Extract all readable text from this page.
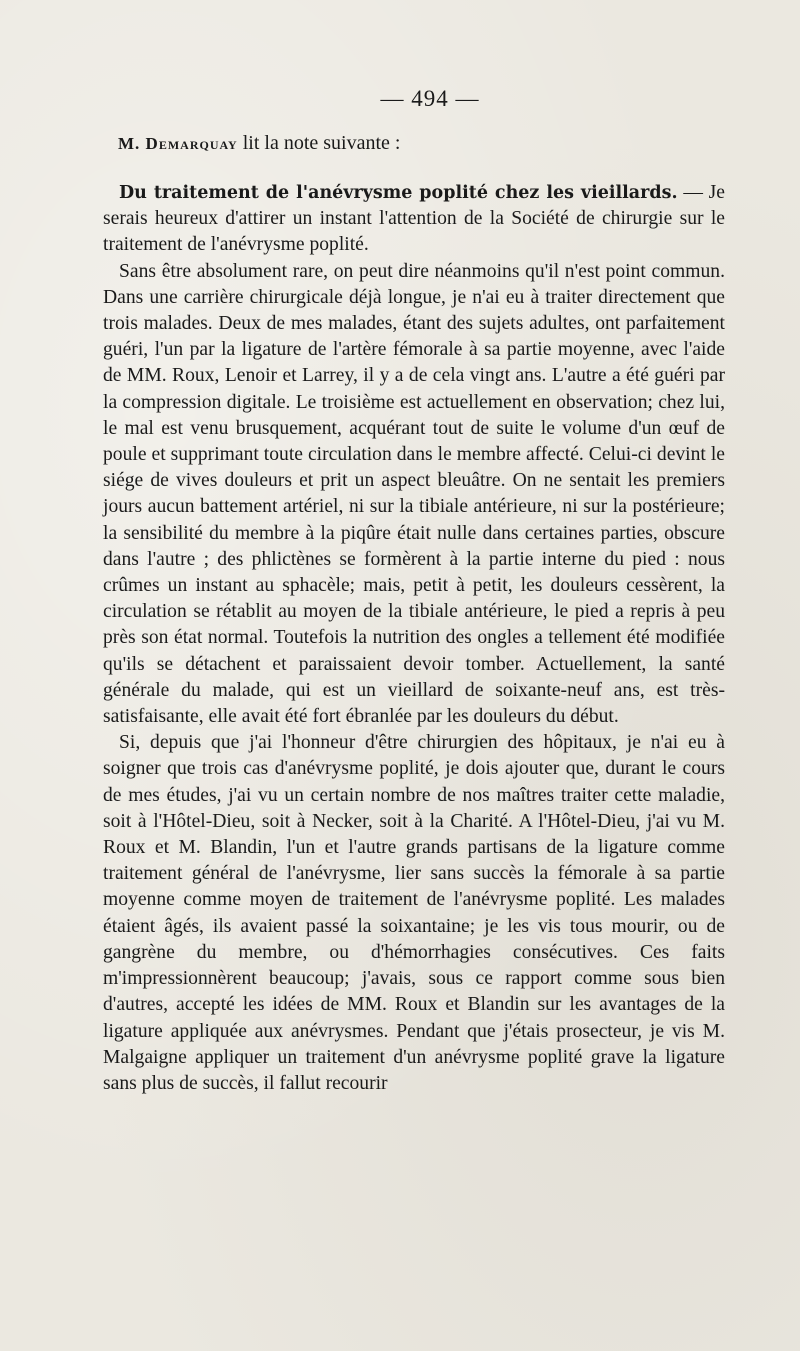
— 494 —
M. Demarquay lit la note suivante :

Du traitement de l'anévrysme poplité chez les vieillards. — Je serais heureux d'attirer un instant l'attention de la Société de chirurgie sur le traitement de l'anévrysme poplité.

Sans être absolument rare, on peut dire néanmoins qu'il n'est point commun. Dans une carrière chirurgicale déjà longue, je n'ai eu à traiter directement que trois malades. Deux de mes malades, étant des sujets adultes, ont parfaitement guéri, l'un par la ligature de l'artère fémorale à sa partie moyenne, avec l'aide de MM. Roux, Lenoir et Larrey, il y a de cela vingt ans. L'autre a été guéri par la compression digitale. Le troisième est actuellement en observation; chez lui, le mal est venu brusquement, acquérant tout de suite le volume d'un œuf de poule et supprimant toute circulation dans le membre affecté. Celui-ci devint le siége de vives douleurs et prit un aspect bleuâtre. On ne sentait les premiers jours aucun battement artériel, ni sur la tibiale antérieure, ni sur la postérieure; la sensibilité du membre à la piqûre était nulle dans certaines parties, obscure dans l'autre ; des phlictènes se formèrent à la partie interne du pied : nous crûmes un instant au sphacèle; mais, petit à petit, les douleurs cessèrent, la circulation se rétablit au moyen de la tibiale antérieure, le pied a repris à peu près son état normal. Toutefois la nutrition des ongles a tellement été modifiée qu'ils se détachent et paraissaient devoir tomber. Actuellement, la santé générale du malade, qui est un vieillard de soixante-neuf ans, est très-satisfaisante, elle avait été fort ébranlée par les douleurs du début.

Si, depuis que j'ai l'honneur d'être chirurgien des hôpitaux, je n'ai eu à soigner que trois cas d'anévrysme poplité, je dois ajouter que, durant le cours de mes études, j'ai vu un certain nombre de nos maîtres traiter cette maladie, soit à l'Hôtel-Dieu, soit à Necker, soit à la Charité. A l'Hôtel-Dieu, j'ai vu M. Roux et M. Blandin, l'un et l'autre grands partisans de la ligature comme traitement général de l'anévrysme, lier sans succès la fémorale à sa partie moyenne comme moyen de traitement de l'anévrysme poplité. Les malades étaient âgés, ils avaient passé la soixantaine; je les vis tous mourir, ou de gangrène du membre, ou d'hémorrhagies consécutives. Ces faits m'impressionnèrent beaucoup; j'avais, sous ce rapport comme sous bien d'autres, accepté les idées de MM. Roux et Blandin sur les avantages de la ligature appliquée aux anévrysmes. Pendant que j'étais prosecteur, je vis M. Malgaigne appliquer un traitement d'un anévrysme poplité grave la ligature sans plus de succès, il fallut recourir
